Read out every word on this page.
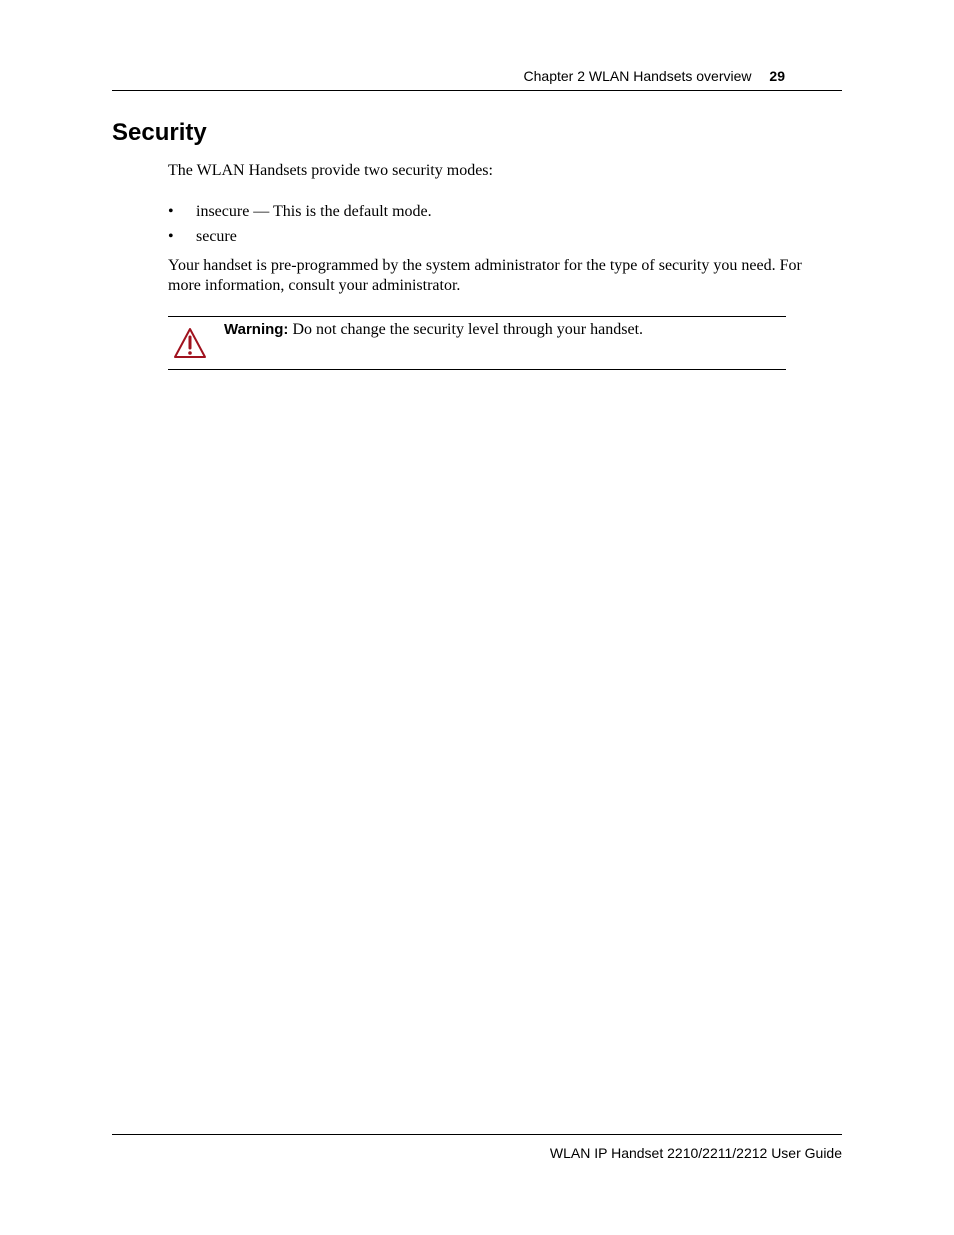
Chapter 2 WLAN Handsets overview 29
Security

The WLAN Handsets provide two security modes:

• insecure — This is the default mode.
• secure

Your handset is pre-programmed by the system administrator for the type of security you need. For more information, consult your administrator.

Warning: Do not change the security level through your handset.
WLAN IP Handset 2210/2211/2212 User Guide
